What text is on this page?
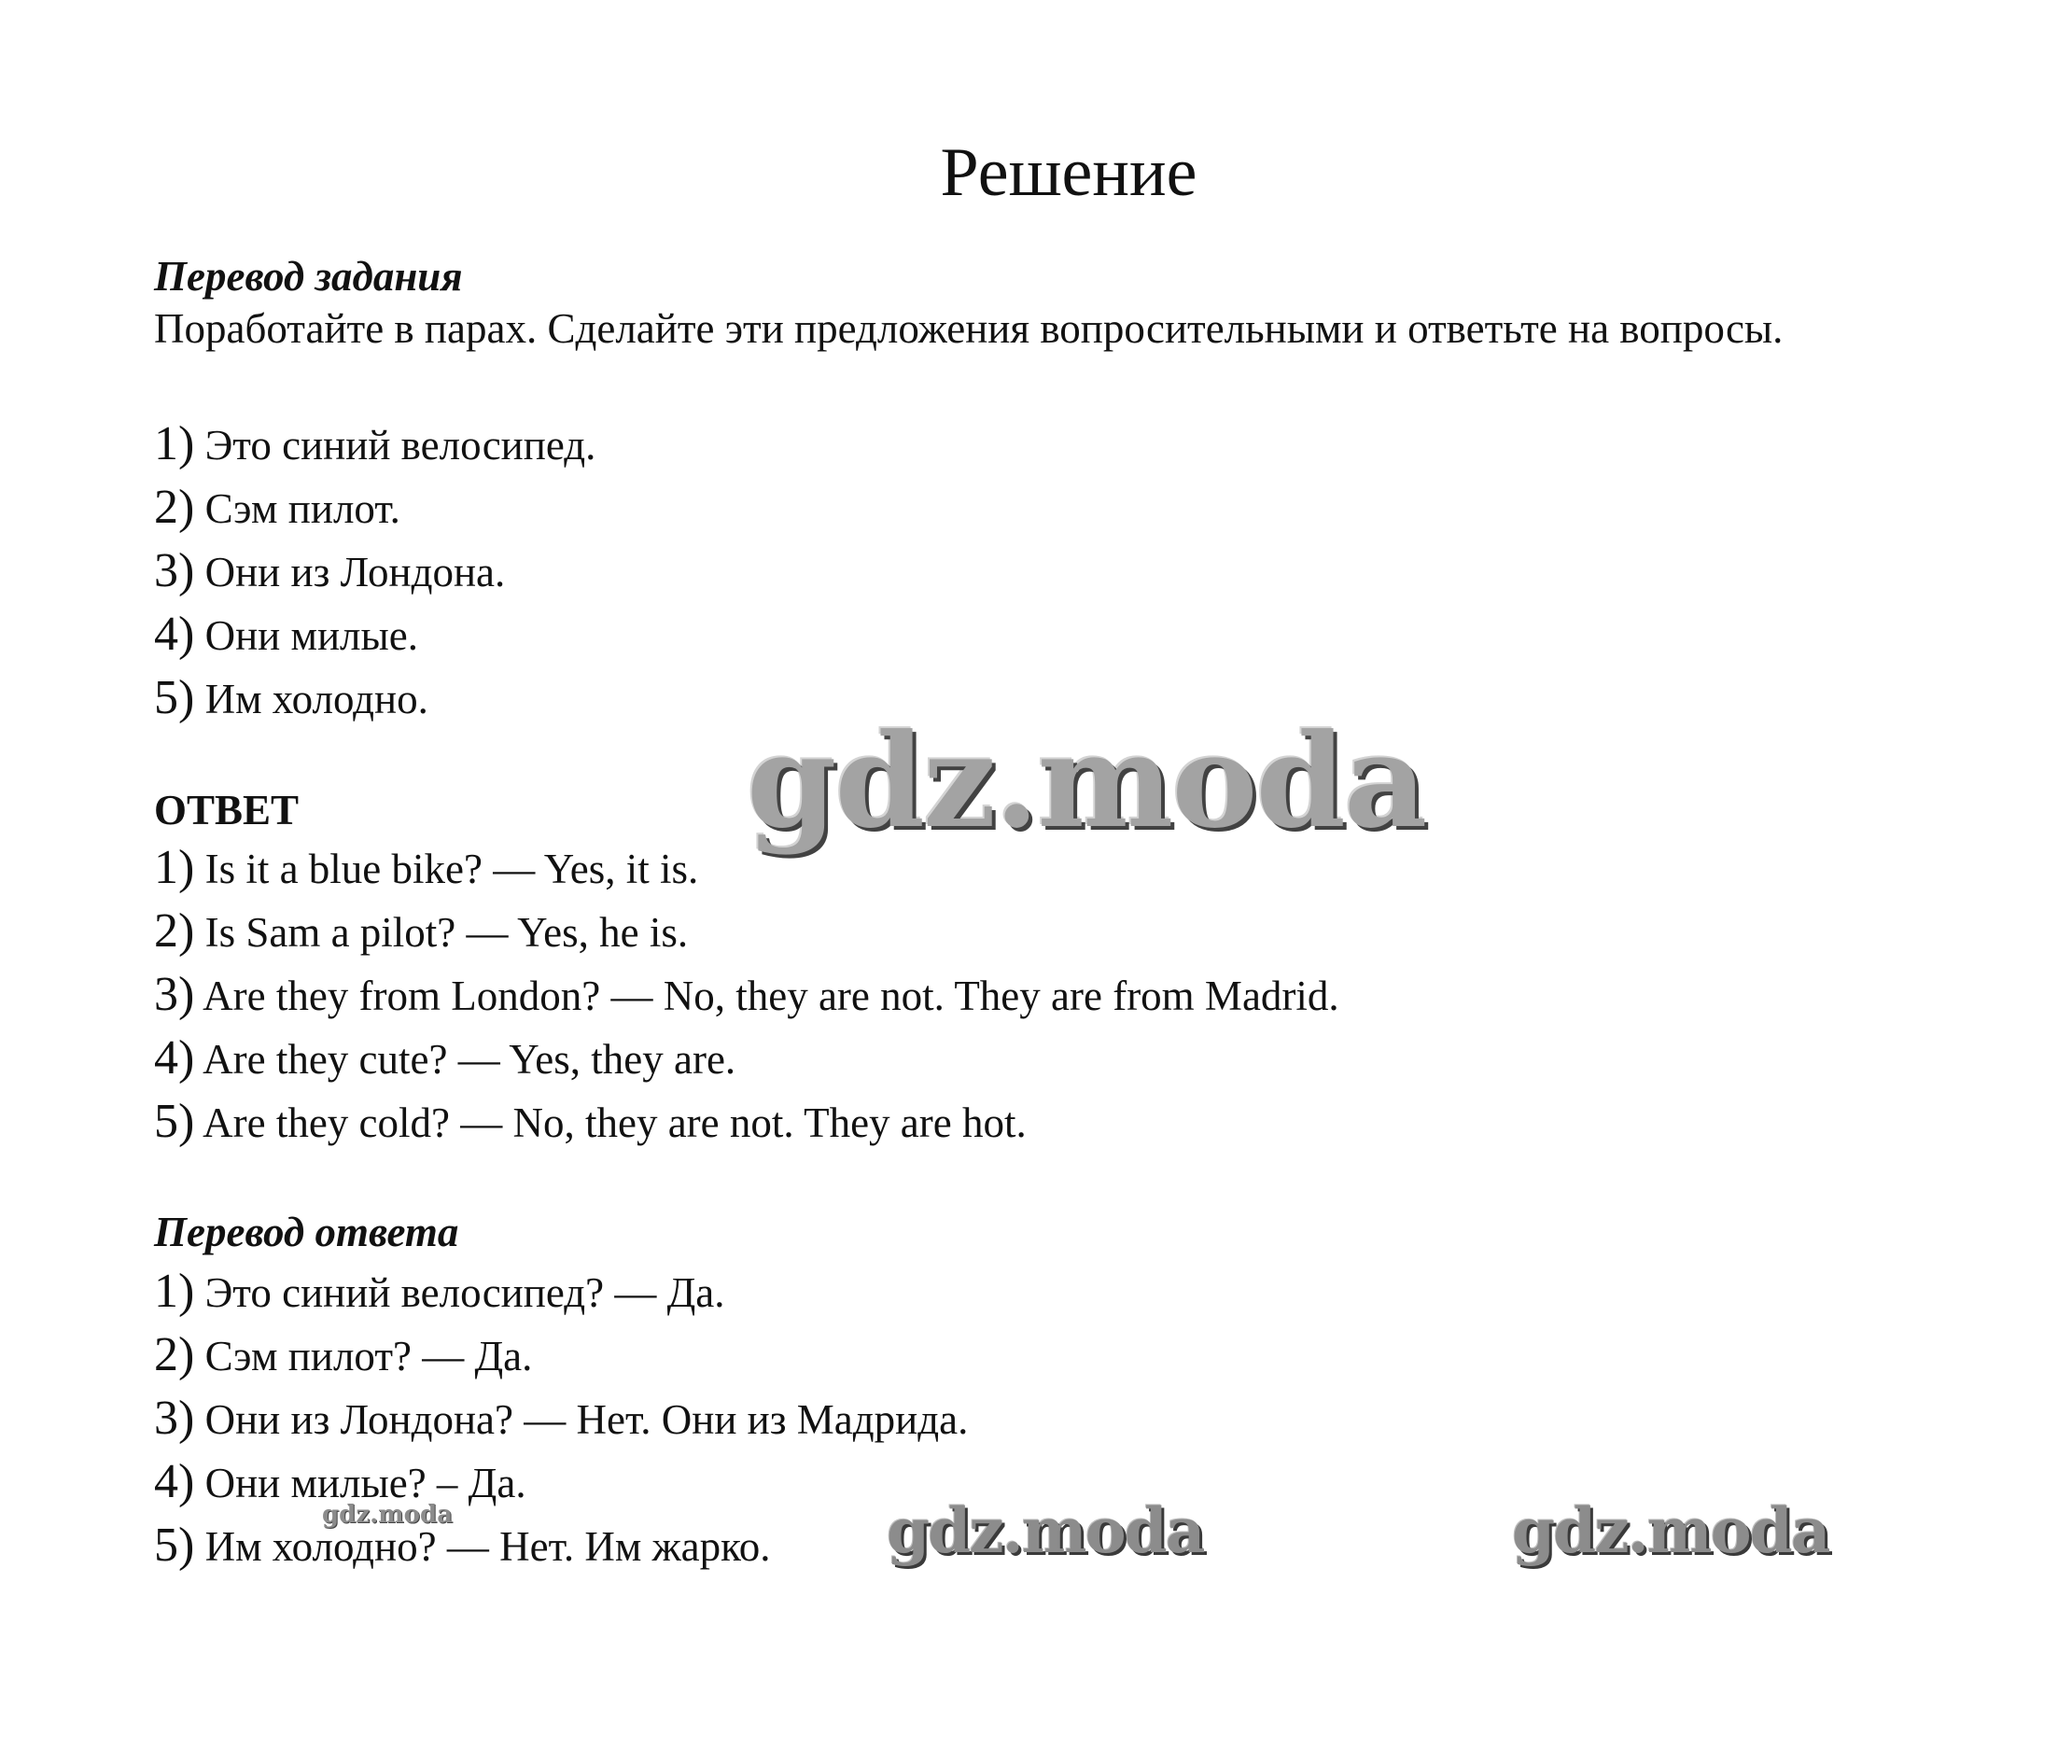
Решение
Перевод задания
Поработайте в парах. Сделайте эти предложения вопросительными и ответьте на вопросы.
1) Это синий велосипед.
2) Сэм пилот.
3) Они из Лондона.
4) Они милые.
5) Им холодно.
ОТВЕТ
1) Is it a blue bike? — Yes, it is.
2) Is Sam a pilot? — Yes, he is.
3) Are they from London? — No, they are not. They are from Madrid.
4) Are they cute? — Yes, they are.
5) Are they cold? — No, they are not. They are hot.
Перевод ответа
1) Это синий велосипед? — Да.
2) Сэм пилот? — Да.
3) Они из Лондона? — Нет. Они из Мадрида.
4) Они милые? – Да.
5) Им холодно? — Нет. Им жарко.
gdz.moda
gdz.moda	gdz.moda	gdz.moda
